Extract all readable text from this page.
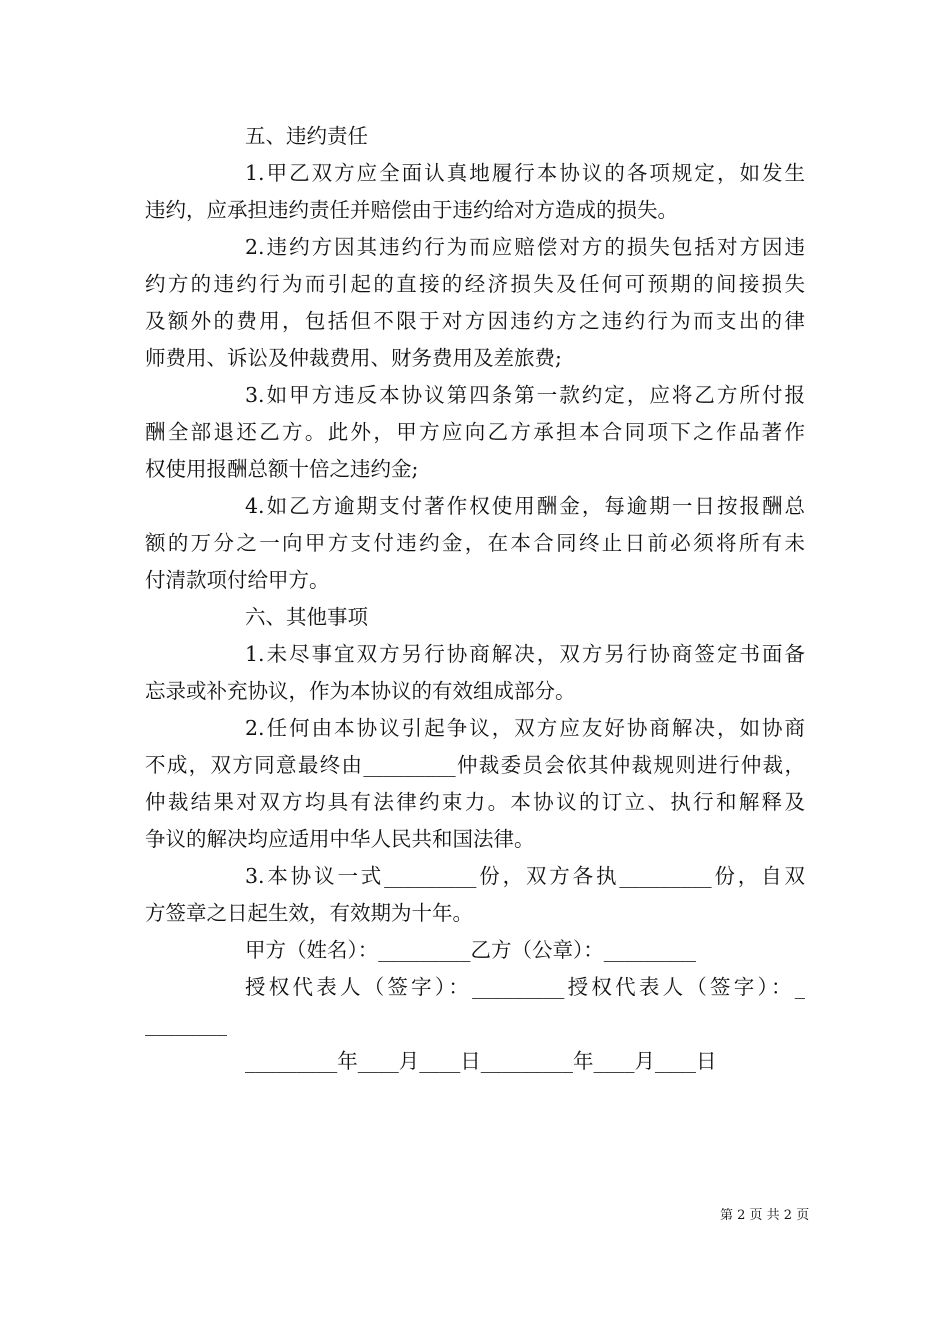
五、违约责任
1.甲乙双方应全面认真地履行本协议的各项规定，如发生
违约，应承担违约责任并赔偿由于违约给对方造成的损失。
2.违约方因其违约行为而应赔偿对方的损失包括对方因违
约方的违约行为而引起的直接的经济损失及任何可预期的间接损失
及额外的费用，包括但不限于对方因违约方之违约行为而支出的律
师费用、诉讼及仲裁费用、财务费用及差旅费;
3.如甲方违反本协议第四条第一款约定，应将乙方所付报
酬全部退还乙方。此外，甲方应向乙方承担本合同项下之作品著作
权使用报酬总额十倍之违约金;
4.如乙方逾期支付著作权使用酬金，每逾期一日按报酬总
额的万分之一向甲方支付违约金，在本合同终止日前必须将所有未
付清款项付给甲方。
六、其他事项
1.未尽事宜双方另行协商解决，双方另行协商签定书面备
忘录或补充协议，作为本协议的有效组成部分。
2.任何由本协议引起争议，双方应友好协商解决，如协商
不成，双方同意最终由_________仲裁委员会依其仲裁规则进行仲裁，
仲裁结果对双方均具有法律约束力。本协议的订立、执行和解释及
争议的解决均应适用中华人民共和国法律。
3.本协议一式_________份，双方各执_________份，自双
方签章之日起生效，有效期为十年。
甲方（姓名）：_________乙方（公章）：_________
授权代表人（签字）：_________授权代表人（签字）：_
________
_________年____月____日_________年____月____日
第 2 页 共 2 页
